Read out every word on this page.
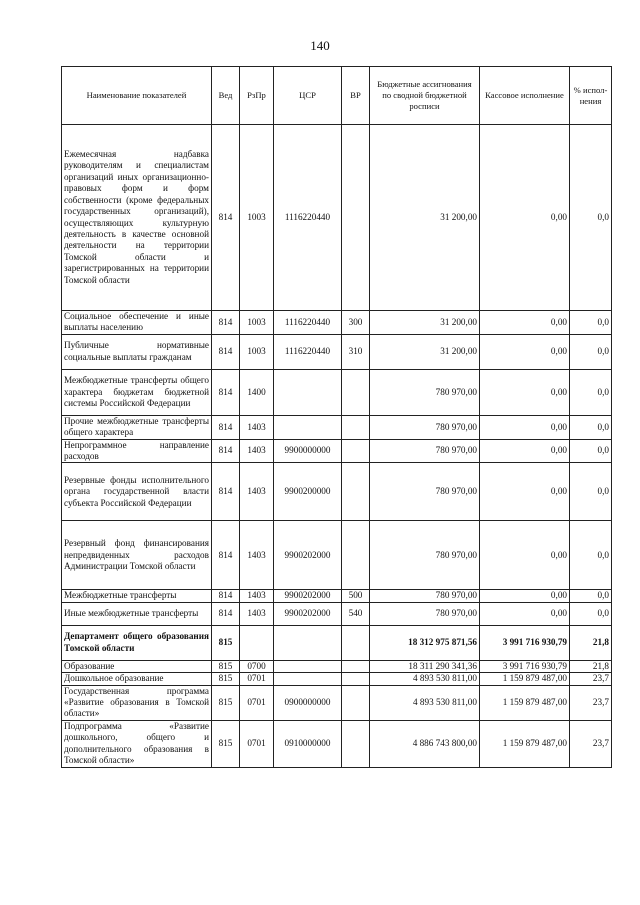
140
Наименование показателей	Вед	РзПр	ЦСР	ВР	Бюджетные ассигнования по сводной бюджетной росписи	Кассовое исполнение	% испол-нения
Ежемесячная надбавка руководителям и специалистам организаций иных организационно-правовых форм и форм собственности (кроме федеральных государственных организаций), осуществляющих культурную деятельность в качестве основной деятельности на территории Томской области и зарегистрированных на территории Томской области	814	1003	1116220440		31 200,00	0,00	0,0
Социальное обеспечение и иные выплаты населению	814	1003	1116220440	300	31 200,00	0,00	0,0
Публичные нормативные социальные выплаты гражданам	814	1003	1116220440	310	31 200,00	0,00	0,0
Межбюджетные трансферты общего характера бюджетам бюджетной системы Российской Федерации	814	1400			780 970,00	0,00	0,0
Прочие межбюджетные трансферты общего характера	814	1403			780 970,00	0,00	0,0
Непрограммное направление расходов	814	1403	9900000000		780 970,00	0,00	0,0
Резервные фонды исполнительного органа государственной власти субъекта Российской Федерации	814	1403	9900200000		780 970,00	0,00	0,0
Резервный фонд финансирования непредвиденных расходов Администрации Томской области	814	1403	9900202000		780 970,00	0,00	0,0
Межбюджетные трансферты	814	1403	9900202000	500	780 970,00	0,00	0,0
Иные межбюджетные трансферты	814	1403	9900202000	540	780 970,00	0,00	0,0
Департамент общего образования Томской области	815				18 312 975 871,56	3 991 716 930,79	21,8
Образование	815	0700			18 311 290 341,36	3 991 716 930,79	21,8
Дошкольное образование	815	0701			4 893 530 811,00	1 159 879 487,00	23,7
Государственная программа «Развитие образования в Томской области»	815	0701	0900000000		4 893 530 811,00	1 159 879 487,00	23,7
Подпрограмма «Развитие дошкольного, общего и дополнительного образования в Томской области»	815	0701	0910000000		4 886 743 800,00	1 159 879 487,00	23,7
